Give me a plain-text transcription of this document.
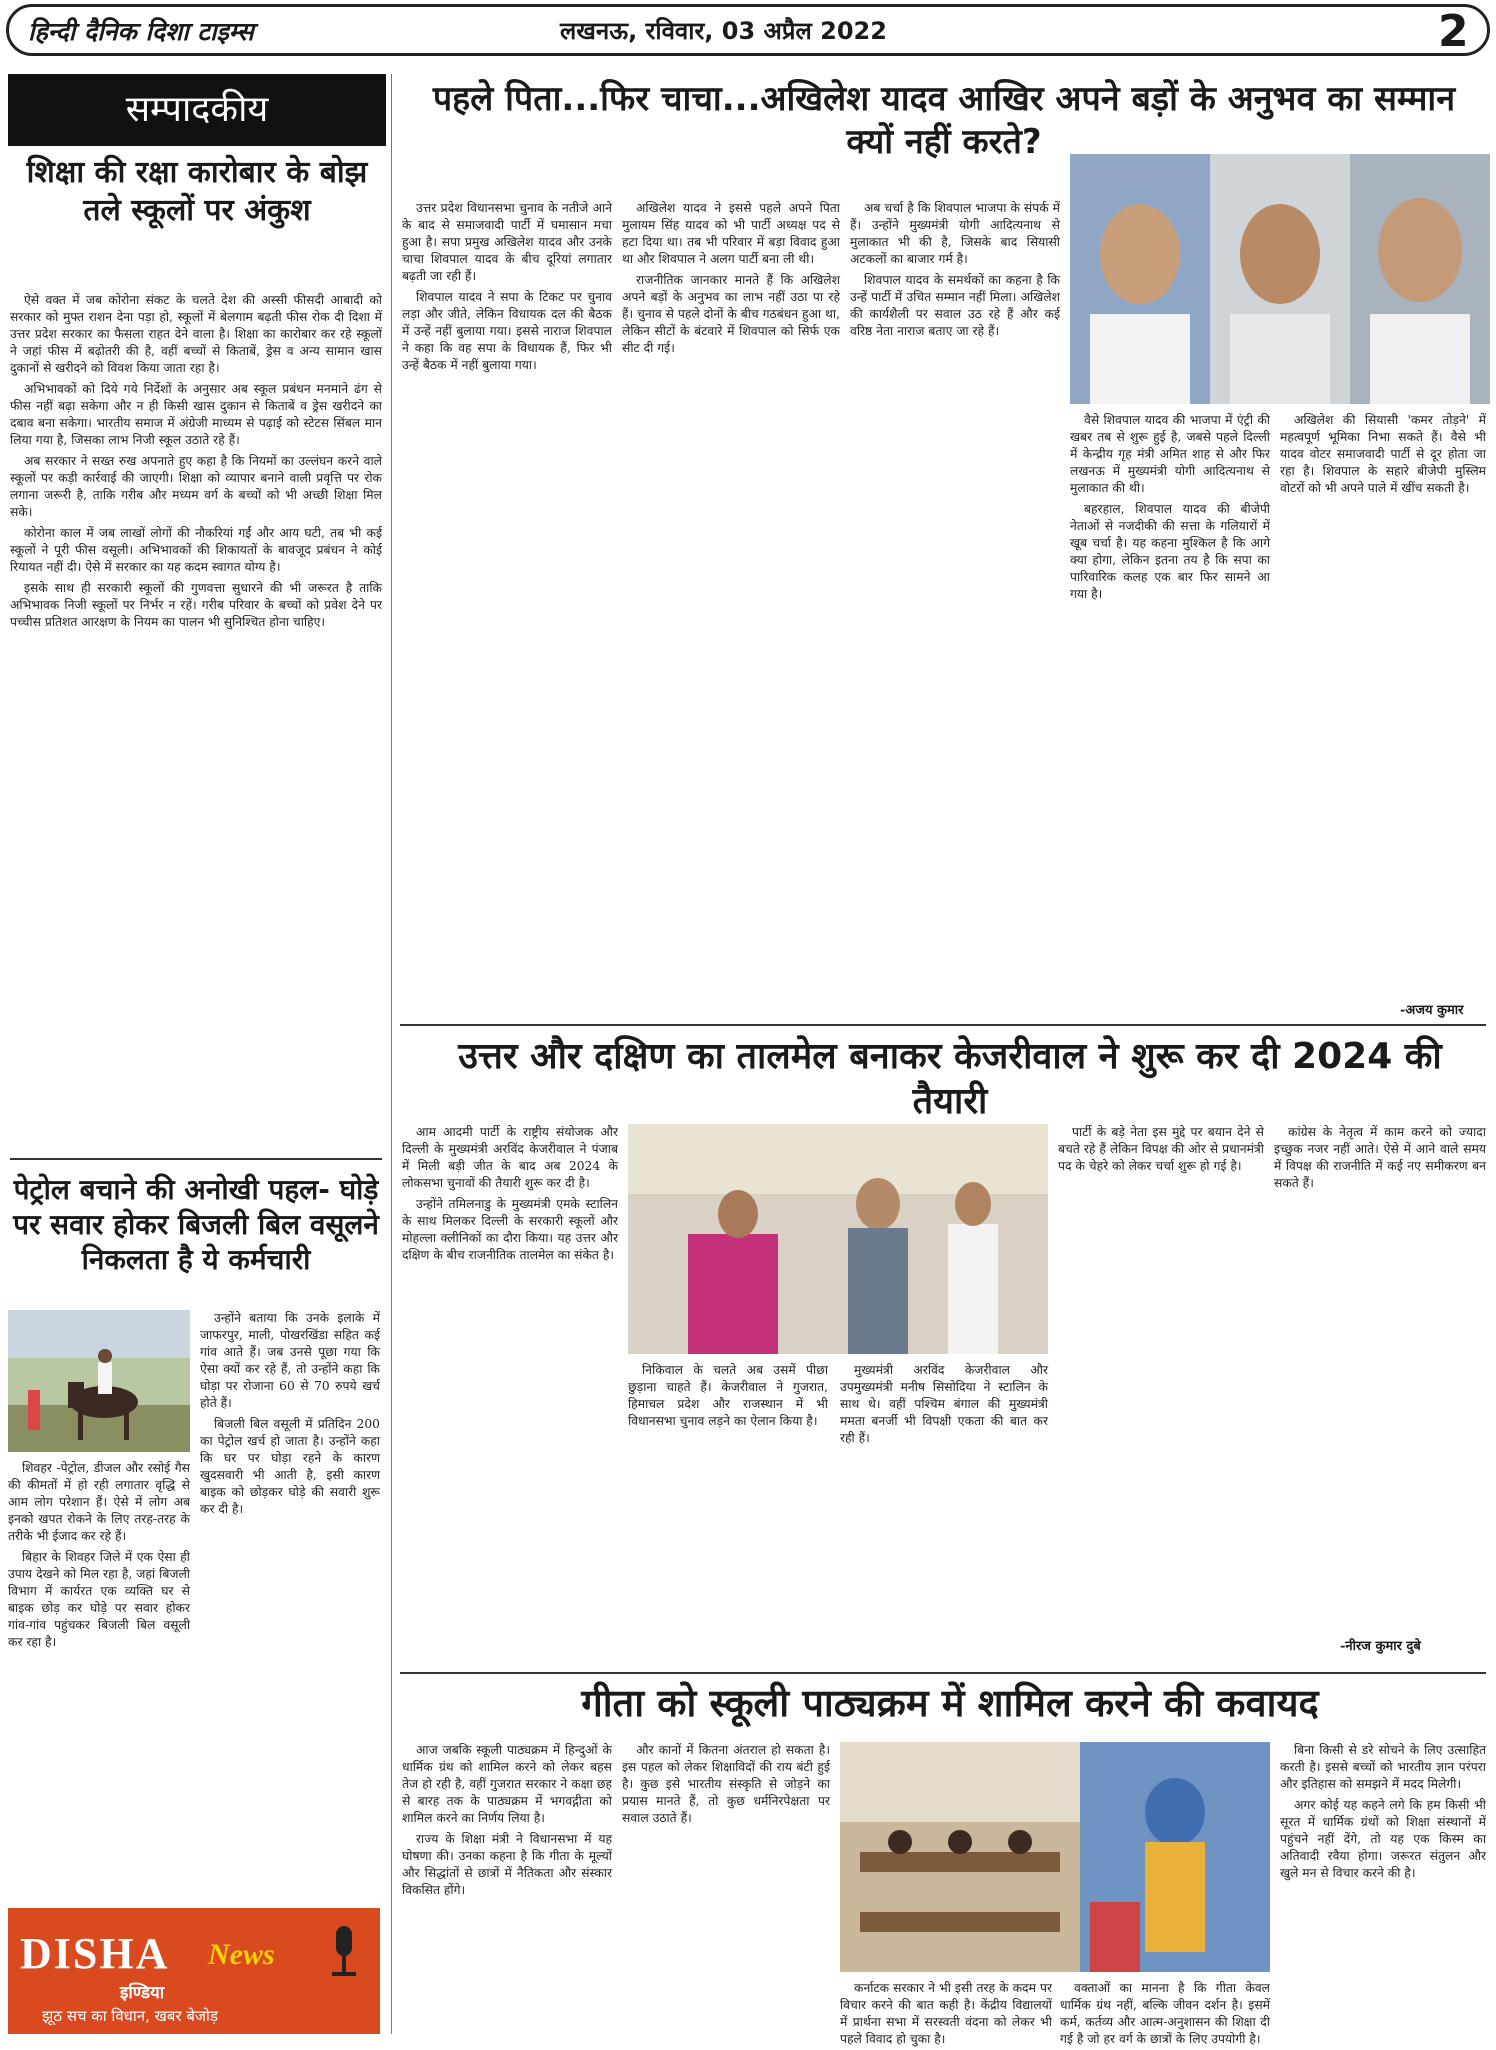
हिन्दी दैनिक दिशा टाइम्स	लखनऊ, रविवार, 03 अप्रैल 2022	2
सम्पादकीय
शिक्षा की रक्षा कारोबार के बोझ तले स्कूलों पर अंकुश

ऐसे वक्त में जब कोरोना संकट के चलते देश की अस्सी फीसदी आबादी को सरकार को मुफ्त राशन देना पड़ा हो, स्कूलों में बेलगाम बढ़ती फीस रोक दी दिशा में उत्तर प्रदेश सरकार का फैसला राहत देने वाला है। शिक्षा का कारोबार कर रहे स्कूलों ने जहां फीस में बढ़ोतरी की है, वहीं बच्चों से किताबें, ड्रेस व अन्य सामान खास दुकानों से खरीदने को विवश किया जाता रहा है।

अभिभावकों को दिये गये निर्देशों के अनुसार अब स्कूल प्रबंधन मनमाने ढंग से फीस नहीं बढ़ा सकेगा और न ही किसी खास दुकान से किताबें व ड्रेस खरीदने का दबाव बना सकेगा। भारतीय समाज में अंग्रेजी माध्यम से पढ़ाई को स्टेटस सिंबल मान लिया गया है, जिसका लाभ निजी स्कूल उठाते रहे हैं।

अब सरकार ने सख्त रुख अपनाते हुए कहा है कि नियमों का उल्लंघन करने वाले स्कूलों पर कड़ी कार्रवाई की जाएगी। शिक्षा को व्यापार बनाने वाली प्रवृत्ति पर रोक लगाना जरूरी है, ताकि गरीब और मध्यम वर्ग के बच्चों को भी अच्छी शिक्षा मिल सके।

कोरोना काल में जब लाखों लोगों की नौकरियां गईं और आय घटी, तब भी कई स्कूलों ने पूरी फीस वसूली। अभिभावकों की शिकायतों के बावजूद प्रबंधन ने कोई रियायत नहीं दी। ऐसे में सरकार का यह कदम स्वागत योग्य है।

इसके साथ ही सरकारी स्कूलों की गुणवत्ता सुधारने की भी जरूरत है ताकि अभिभावक निजी स्कूलों पर निर्भर न रहें। गरीब परिवार के बच्चों को प्रवेश देने पर पच्चीस प्रतिशत आरक्षण के नियम का पालन भी सुनिश्चित होना चाहिए।

पेट्रोल बचाने की अनोखी पहल- घोड़े पर सवार होकर बिजली बिल वसूलने निकलता है ये कर्मचारी

शिवहर -पेट्रोल, डीजल और रसोई गैस की कीमतों में हो रही लगातार वृद्धि से आम लोग परेशान हैं। ऐसे में लोग अब इनको खपत रोकने के लिए तरह-तरह के तरीके भी ईजाद कर रहे हैं।

बिहार के शिवहर जिले में एक ऐसा ही उपाय देखने को मिल रहा है, जहां बिजली विभाग में कार्यरत एक व्यक्ति घर से बाइक छोड़ कर घोड़े पर सवार होकर गांव-गांव पहुंचकर बिजली बिल वसूली कर रहा है।

उन्होंने बताया कि उनके इलाके में जाफरपुर, माली, पोखरखिंडा सहित कई गांव आते हैं। जब उनसे पूछा गया कि ऐसा क्यों कर रहे हैं, तो उन्होंने कहा कि घोड़ा पर रोजाना 60 से 70 रुपये खर्च होते हैं।

बिजली बिल वसूली में प्रतिदिन 200 का पेट्रोल खर्च हो जाता है। उन्होंने कहा कि घर पर घोड़ा रहने के कारण खुदसवारी भी आती है, इसी कारण बाइक को छोड़कर घोड़े की सवारी शुरू कर दी है।

DISHA News
इण्डिया
झूठ सच का विधान, खबर बेजोड़
पहले पिता...फिर चाचा...अखिलेश यादव आखिर अपने बड़ों के अनुभव का सम्मान क्यों नहीं करते?

उत्तर प्रदेश विधानसभा चुनाव के नतीजे आने के बाद से समाजवादी पार्टी में घमासान मचा हुआ है। सपा प्रमुख अखिलेश यादव और उनके चाचा शिवपाल यादव के बीच दूरियां लगातार बढ़ती जा रही हैं।

शिवपाल यादव ने सपा के टिकट पर चुनाव लड़ा और जीते, लेकिन विधायक दल की बैठक में उन्हें नहीं बुलाया गया। इससे नाराज शिवपाल ने कहा कि वह सपा के विधायक हैं, फिर भी उन्हें बैठक में नहीं बुलाया गया।

अखिलेश यादव ने इससे पहले अपने पिता मुलायम सिंह यादव को भी पार्टी अध्यक्ष पद से हटा दिया था। तब भी परिवार में बड़ा विवाद हुआ था और शिवपाल ने अलग पार्टी बना ली थी।

राजनीतिक जानकार मानते हैं कि अखिलेश अपने बड़ों के अनुभव का लाभ नहीं उठा पा रहे हैं। चुनाव से पहले दोनों के बीच गठबंधन हुआ था, लेकिन सीटों के बंटवारे में शिवपाल को सिर्फ एक सीट दी गई।

अब चर्चा है कि शिवपाल भाजपा के संपर्क में हैं। उन्होंने मुख्यमंत्री योगी आदित्यनाथ से मुलाकात भी की है, जिसके बाद सियासी अटकलों का बाजार गर्म है।

शिवपाल यादव के समर्थकों का कहना है कि उन्हें पार्टी में उचित सम्मान नहीं मिला। अखिलेश की कार्यशैली पर सवाल उठ रहे हैं और कई वरिष्ठ नेता नाराज बताए जा रहे हैं।

वैसे शिवपाल यादव की भाजपा में एंट्री की खबर तब से शुरू हुई है, जबसे पहले दिल्ली में केन्द्रीय गृह मंत्री अमित शाह से और फिर लखनऊ में मुख्यमंत्री योगी आदित्यनाथ से मुलाकात की थी।

बहरहाल, शिवपाल यादव की बीजेपी नेताओं से नजदीकी की सत्ता के गलियारों में खूब चर्चा है। यह कहना मुश्किल है कि आगे क्या होगा, लेकिन इतना तय है कि सपा का पारिवारिक कलह एक बार फिर सामने आ गया है।

अखिलेश की सियासी 'कमर तोड़ने' में महत्वपूर्ण भूमिका निभा सकते हैं। वैसे भी यादव वोटर समाजवादी पार्टी से दूर होता जा रहा है। शिवपाल के सहारे बीजेपी मुस्लिम वोटरों को भी अपने पाले में खींच सकती है।

-अजय कुमार
उत्तर और दक्षिण का तालमेल बनाकर केजरीवाल ने शुरू कर दी 2024 की तैयारी

आम आदमी पार्टी के राष्ट्रीय संयोजक और दिल्ली के मुख्यमंत्री अरविंद केजरीवाल ने पंजाब में मिली बड़ी जीत के बाद अब 2024 के लोकसभा चुनावों की तैयारी शुरू कर दी है।

उन्होंने तमिलनाडु के मुख्यमंत्री एमके स्टालिन के साथ मिलकर दिल्ली के सरकारी स्कूलों और मोहल्ला क्लीनिकों का दौरा किया। यह उत्तर और दक्षिण के बीच राजनीतिक तालमेल का संकेत है।

निकिवाल के चलते अब उसमें पीछा छुड़ाना चाहते हैं। केजरीवाल ने गुजरात, हिमाचल प्रदेश और राजस्थान में भी विधानसभा चुनाव लड़ने का ऐलान किया है।

मुख्यमंत्री अरविंद केजरीवाल और उपमुख्यमंत्री मनीष सिसोदिया ने स्टालिन के साथ थे। वहीं पश्चिम बंगाल की मुख्यमंत्री ममता बनर्जी भी विपक्षी एकता की बात कर रही हैं।

पार्टी के बड़े नेता इस मुद्दे पर बयान देने से बचते रहे हैं लेकिन विपक्ष की ओर से प्रधानमंत्री पद के चेहरे को लेकर चर्चा शुरू हो गई है।

कांग्रेस के नेतृत्व में काम करने को ज्यादा इच्छुक नजर नहीं आते। ऐसे में आने वाले समय में विपक्ष की राजनीति में कई नए समीकरण बन सकते हैं।

-नीरज कुमार दुबे
गीता को स्कूली पाठ्यक्रम में शामिल करने की कवायद

आज जबकि स्कूली पाठ्यक्रम में हिन्दुओं के धार्मिक ग्रंथ को शामिल करने को लेकर बहस तेज हो रही है, वहीं गुजरात सरकार ने कक्षा छह से बारह तक के पाठ्यक्रम में भगवद्गीता को शामिल करने का निर्णय लिया है।

राज्य के शिक्षा मंत्री ने विधानसभा में यह घोषणा की। उनका कहना है कि गीता के मूल्यों और सिद्धांतों से छात्रों में नैतिकता और संस्कार विकसित होंगे।

और कानों में कितना अंतराल हो सकता है। इस पहल को लेकर शिक्षाविदों की राय बंटी हुई है। कुछ इसे भारतीय संस्कृति से जोड़ने का प्रयास मानते हैं, तो कुछ धर्मनिरपेक्षता पर सवाल उठाते हैं।

कर्नाटक सरकार ने भी इसी तरह के कदम पर विचार करने की बात कही है। केंद्रीय विद्यालयों में प्रार्थना सभा में सरस्वती वंदना को लेकर भी पहले विवाद हो चुका है।

वक्ताओं का मानना है कि गीता केवल धार्मिक ग्रंथ नहीं, बल्कि जीवन दर्शन है। इसमें कर्म, कर्तव्य और आत्म-अनुशासन की शिक्षा दी गई है जो हर वर्ग के छात्रों के लिए उपयोगी है।

बिना किसी से डरे सोचने के लिए उत्साहित करती है। इससे बच्चों को भारतीय ज्ञान परंपरा और इतिहास को समझने में मदद मिलेगी।

अगर कोई यह कहने लगे कि हम किसी भी सूरत में धार्मिक ग्रंथों को शिक्षा संस्थानों में पहुंचने नहीं देंगे, तो यह एक किस्म का अतिवादी रवैया होगा। जरूरत संतुलन और खुले मन से विचार करने की है।
